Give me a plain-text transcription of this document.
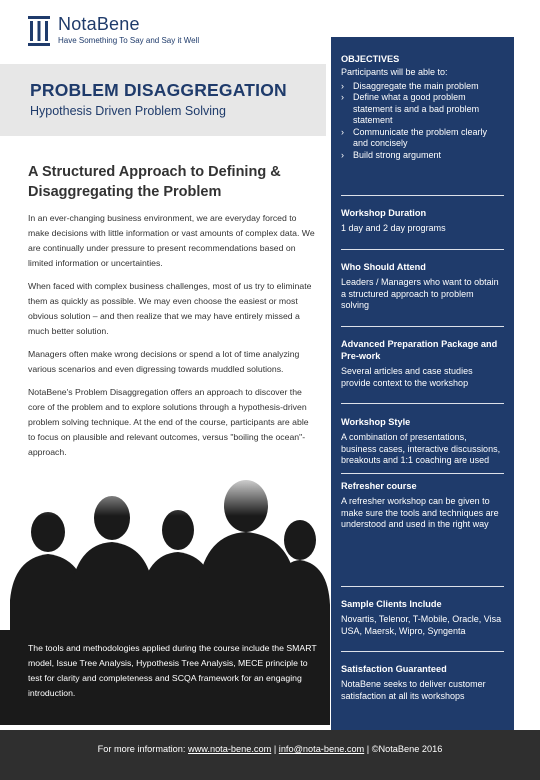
NotaBene
Have Something To Say and Say it Well
PROBLEM DISAGGREGATION
Hypothesis Driven Problem Solving
A Structured Approach to Defining & Disaggregating the Problem

In an ever-changing business environment, we are everyday forced to make decisions with little information or vast amounts of complex data. We are continually under pressure to present recommendations based on limited information or uncertainties.

When faced with complex business challenges, most of us try to eliminate them as quickly as possible. We may even choose the easiest or most obvious solution – and then realize that we may have entirely missed a much better solution.

Managers often make wrong decisions or spend a lot of time analyzing various scenarios and even digressing towards muddled solutions.

NotaBene's Problem Disaggregation offers an approach to discover the core of the problem and to explore solutions through a hypothesis-driven problem solving technique. At the end of the course, participants are able to focus on plausible and relevant outcomes, versus "boiling the ocean"-approach.

The tools and methodologies applied during the course include the SMART model, Issue Tree Analysis, Hypothesis Tree Analysis, MECE principle to test for clarity and completeness and SCQA framework for an engaging introduction.
OBJECTIVES
Participants will be able to:
› Disaggregate the main problem
› Define what a good problem statement is and a bad problem statement
› Communicate the problem clearly and concisely
› Build strong argument
Workshop Duration
1 day and 2 day programs
Who Should Attend
Leaders / Managers who want to obtain a structured approach to problem solving
Advanced Preparation Package and Pre-work
Several articles and case studies provide context to the workshop
Workshop Style
A combination of presentations, business cases, interactive discussions, breakouts and 1:1 coaching are used
Refresher course
A refresher workshop can be given to make sure the tools and techniques are understood and used in the right way
Sample Clients Include
Novartis, Telenor, T-Mobile, Oracle, Visa USA, Maersk, Wipro, Syngenta
Satisfaction Guaranteed
NotaBene seeks to deliver customer satisfaction at all its workshops
For more information: www.nota-bene.com | info@nota-bene.com | ©NotaBene 2016
